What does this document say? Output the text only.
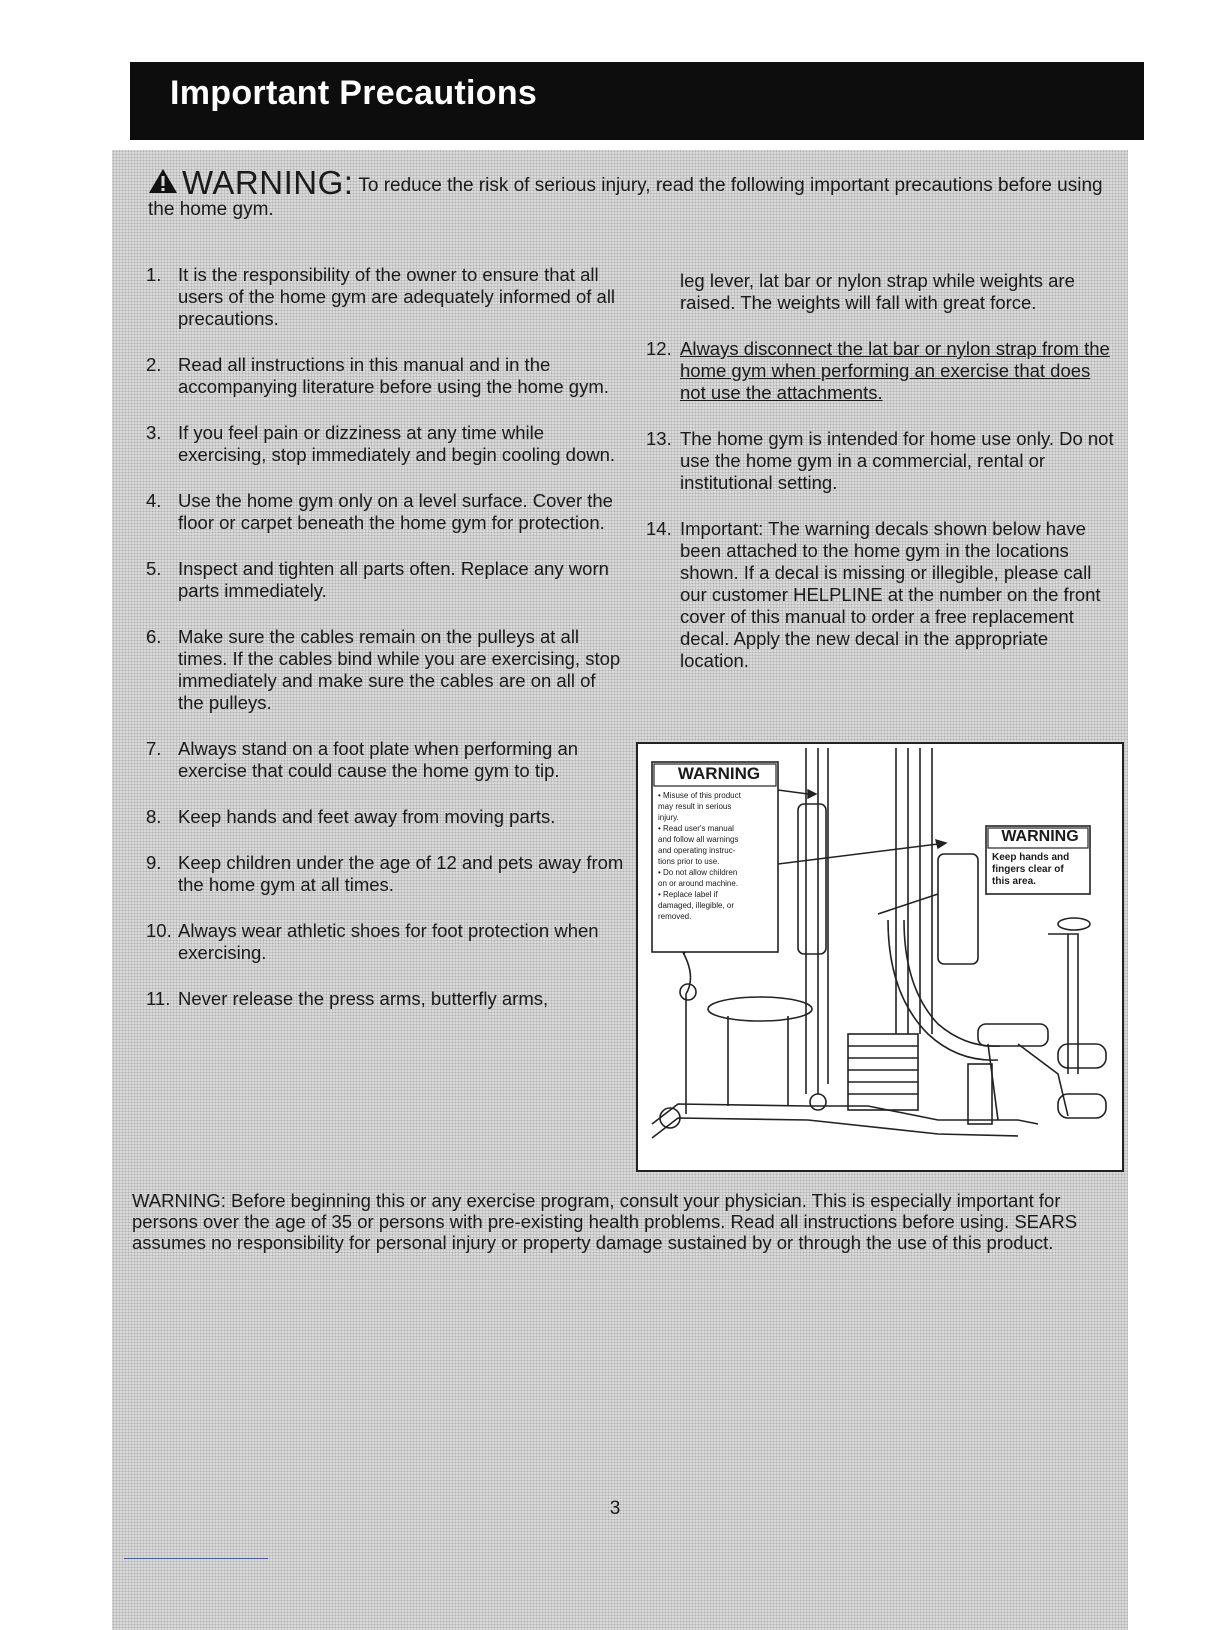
Important Precautions
WARNING: To reduce the risk of serious injury, read the following important precautions before using the home gym.
1. It is the responsibility of the owner to ensure that all users of the home gym are adequately informed of all precautions.
2. Read all instructions in this manual and in the accompanying literature before using the home gym.
3. If you feel pain or dizziness at any time while exercising, stop immediately and begin cooling down.
4. Use the home gym only on a level surface. Cover the floor or carpet beneath the home gym for protection.
5. Inspect and tighten all parts often. Replace any worn parts immediately.
6. Make sure the cables remain on the pulleys at all times. If the cables bind while you are exercising, stop immediately and make sure the cables are on all of the pulleys.
7. Always stand on a foot plate when performing an exercise that could cause the home gym to tip.
8. Keep hands and feet away from moving parts.
9. Keep children under the age of 12 and pets away from the home gym at all times.
10. Always wear athletic shoes for foot protection when exercising.
11. Never release the press arms, butterfly arms,
leg lever, lat bar or nylon strap while weights are raised. The weights will fall with great force.
12. Always disconnect the lat bar or nylon strap from the home gym when performing an exercise that does not use the attachments.
13. The home gym is intended for home use only. Do not use the home gym in a commercial, rental or institutional setting.
14. Important: The warning decals shown below have been attached to the home gym in the locations shown. If a decal is missing or illegible, please call our customer HELPLINE at the number on the front cover of this manual to order a free replacement decal. Apply the new decal in the appropriate location.
WARNING
• Misuse of this product
may result in serious
injury.
• Read user's manual
and follow all warnings
and operating instruc-
tions prior to use.
• Do not allow children
on or around machine.
• Replace label if
damaged, illegible, or
removed.
WARNING
Keep hands and
fingers clear of
this area.
WARNING: Before beginning this or any exercise program, consult your physician. This is especially important for persons over the age of 35 or persons with pre-existing health problems. Read all instructions before using. SEARS assumes no responsibility for personal injury or property damage sustained by or through the use of this product.
3
